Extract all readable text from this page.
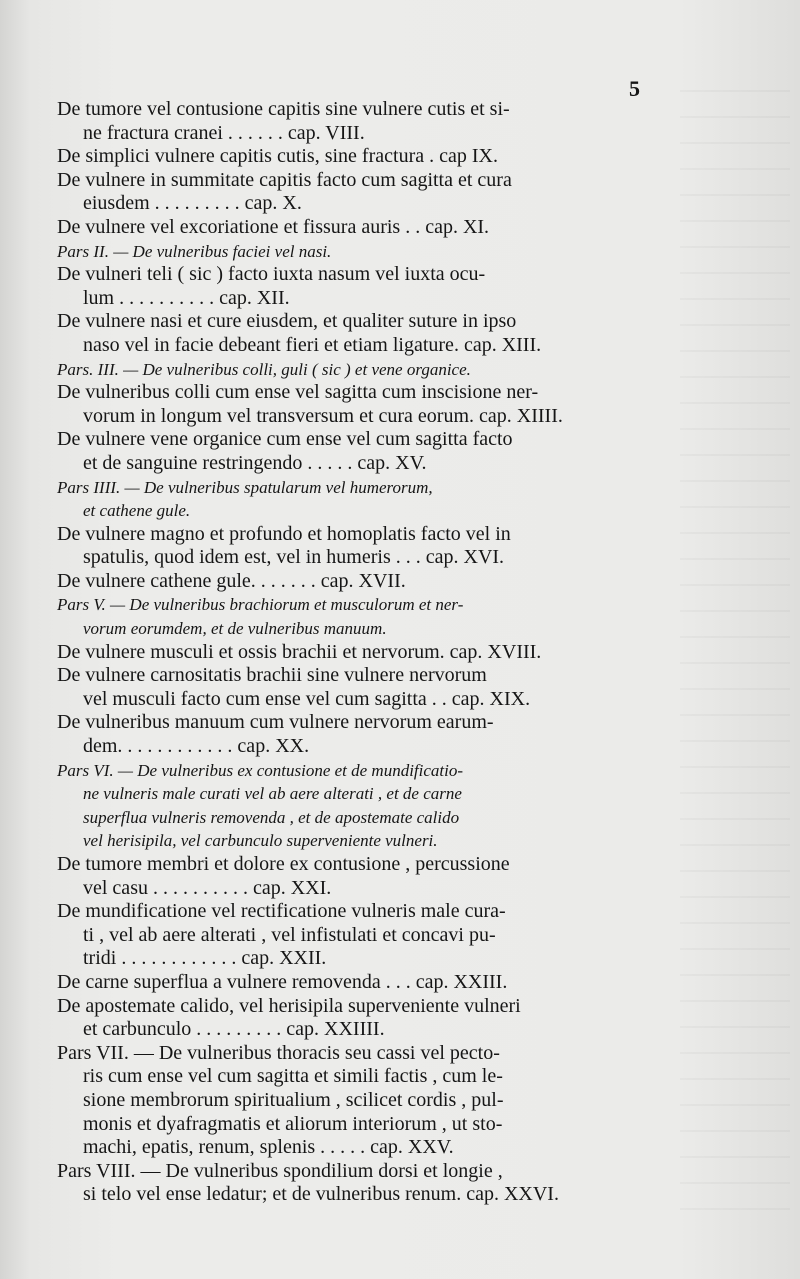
5
De tumore vel contusione capitis sine vulnere cutis et si-
ne fractura cranei . . . . . . cap. VIII.
De simplici vulnere capitis cutis, sine fractura . cap IX.
De vulnere in summitate capitis facto cum sagitta et cura
eiusdem . . . . . . . . . cap. X.
De vulnere vel excoriatione et fissura auris . . cap. XI.
Pars II. — De vulneribus faciei vel nasi.
De vulneri teli ( sic ) facto iuxta nasum vel iuxta ocu-
lum . . . . . . . . . . cap. XII.
De vulnere nasi et cure eiusdem, et qualiter suture in ipso
naso vel in facie debeant fieri et etiam ligature. cap. XIII.
Pars. III. — De vulneribus colli, guli ( sic ) et vene organice.
De vulneribus colli cum ense vel sagitta cum inscisione ner-
vorum in longum vel transversum et cura eorum. cap. XIIII.
De vulnere vene organice cum ense vel cum sagitta facto
et de sanguine restringendo . . . . . cap. XV.
Pars IIII. — De vulneribus spatularum vel humerorum,
et cathene gule.
De vulnere magno et profundo et homoplatis facto vel in
spatulis, quod idem est, vel in humeris . . . cap. XVI.
De vulnere cathene gule. . . . . . . cap. XVII.
Pars V. — De vulneribus brachiorum et musculorum et ner-
vorum eorumdem, et de vulneribus manuum.
De vulnere musculi et ossis brachii et nervorum. cap. XVIII.
De vulnere carnositatis brachii sine vulnere nervorum
vel musculi facto cum ense vel cum sagitta . . cap. XIX.
De vulneribus manuum cum vulnere nervorum earum-
dem. . . . . . . . . . . . cap. XX.
Pars VI. — De vulneribus ex contusione et de mundificatio-
ne vulneris male curati vel ab aere alterati , et de carne
superflua vulneris removenda , et de apostemate calido
vel herisipila, vel carbunculo superveniente vulneri.
De tumore membri et dolore ex contusione , percussione
vel casu . . . . . . . . . . cap. XXI.
De mundificatione vel rectificatione vulneris male cura-
ti , vel ab aere alterati , vel infistulati et concavi pu-
tridi . . . . . . . . . . . . cap. XXII.
De carne superflua a vulnere removenda . . . cap. XXIII.
De apostemate calido, vel herisipila superveniente vulneri
et carbunculo . . . . . . . . . cap. XXIIII.
Pars VII. — De vulneribus thoracis seu cassi vel pecto-
ris cum ense vel cum sagitta et simili factis , cum le-
sione membrorum spiritualium , scilicet cordis , pul-
monis et dyafragmatis et aliorum interiorum , ut sto-
machi, epatis, renum, splenis . . . . . cap. XXV.
Pars VIII. — De vulneribus spondilium dorsi et longie ,
si telo vel ense ledatur; et de vulneribus renum. cap. XXVI.
